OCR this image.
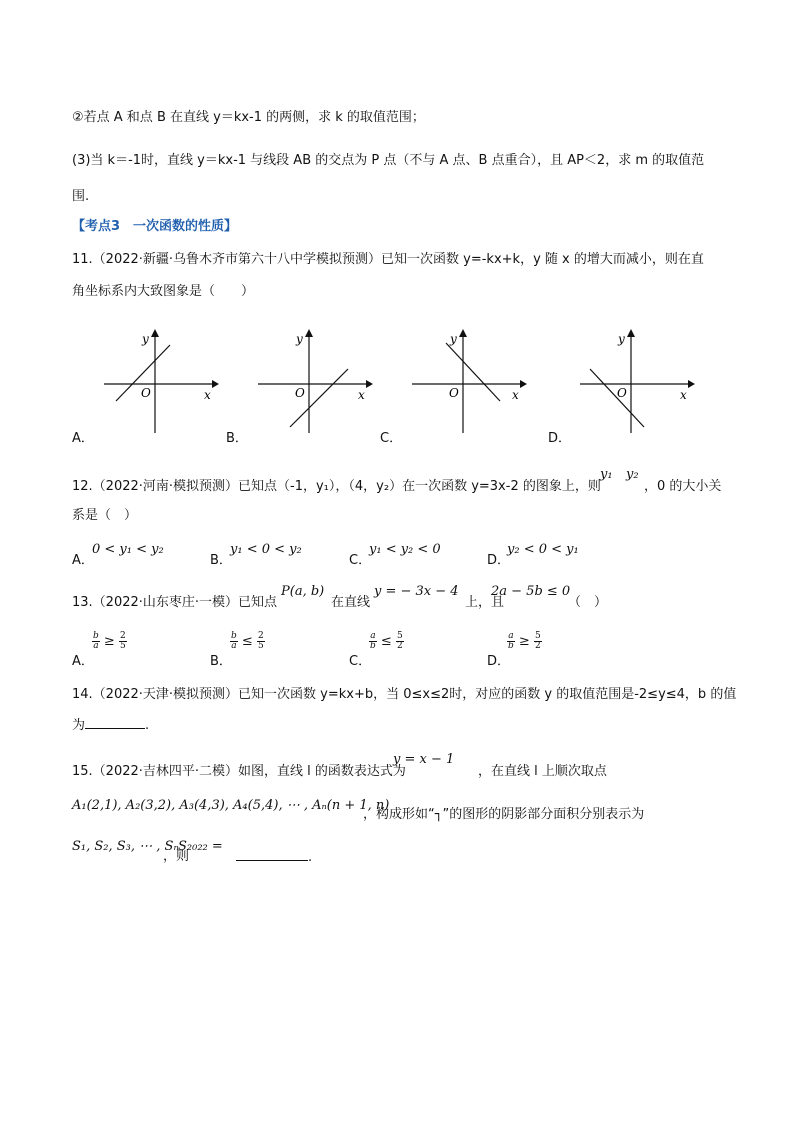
②若点 A 和点 B 在直线 y＝kx-1 的两侧，求 k 的取值范围；
(3)当 k＝-1时，直线 y＝kx-1 与线段 AB 的交点为 P 点（不与 A 点、B 点重合），且 AP＜2，求 m 的取值范
围.
【考点3　一次函数的性质】
11.（2022·新疆·乌鲁木齐市第六十八中学模拟预测）已知一次函数 y=-kx+k，y 随 x 的增大而减小，则在直
角坐标系内大致图象是（　　）
y
x
O
y
x
O
y
x
O
y
x
O
A．	B．	C．	D．
12.（2022·河南·模拟预测）已知点（-1，y₁），（4，y₂）在一次函数 y=3x-2 的图象上，则
y₁ y₂
，0 的大小关
系是（　）
A．
0 < y₁ < y₂
B．
y₁ < 0 < y₂
C．
y₁ < y₂ < 0
D．
y₂ < 0 < y₁
13.（2022·山东枣庄·一模）已知点
P(a, b)
在直线
y = − 3x − 4
上，且
2a − 5b ≤ 0
（　）
A．
$\frac{b}{a} \ge \frac{2}{5}$
B．
$\frac{b}{a} \le \frac{2}{5}$
C．
$\frac{a}{b} \le \frac{5}{2}$
D．
$\frac{a}{b} \ge \frac{5}{2}$
14.（2022·天津·模拟预测）已知一次函数 y=kx+b，当 0≤x≤2时，对应的函数 y 的取值范围是-2≤y≤4，b 的值
为	.
15.（2022·吉林四平·二模）如图，直线 l 的函数表达式为
y = x − 1
，在直线 l 上顺次取点
A₁(2,1), A₂(3,2), A₃(4,3), A₄(5,4), ⋯ , Aₙ(n + 1, n)
，构成形如“┐”的图形的阴影部分面积分别表示为
S₁, S₂, S₃, ⋯ , Sₙ
，则
S₂₀₂₂ =
.
